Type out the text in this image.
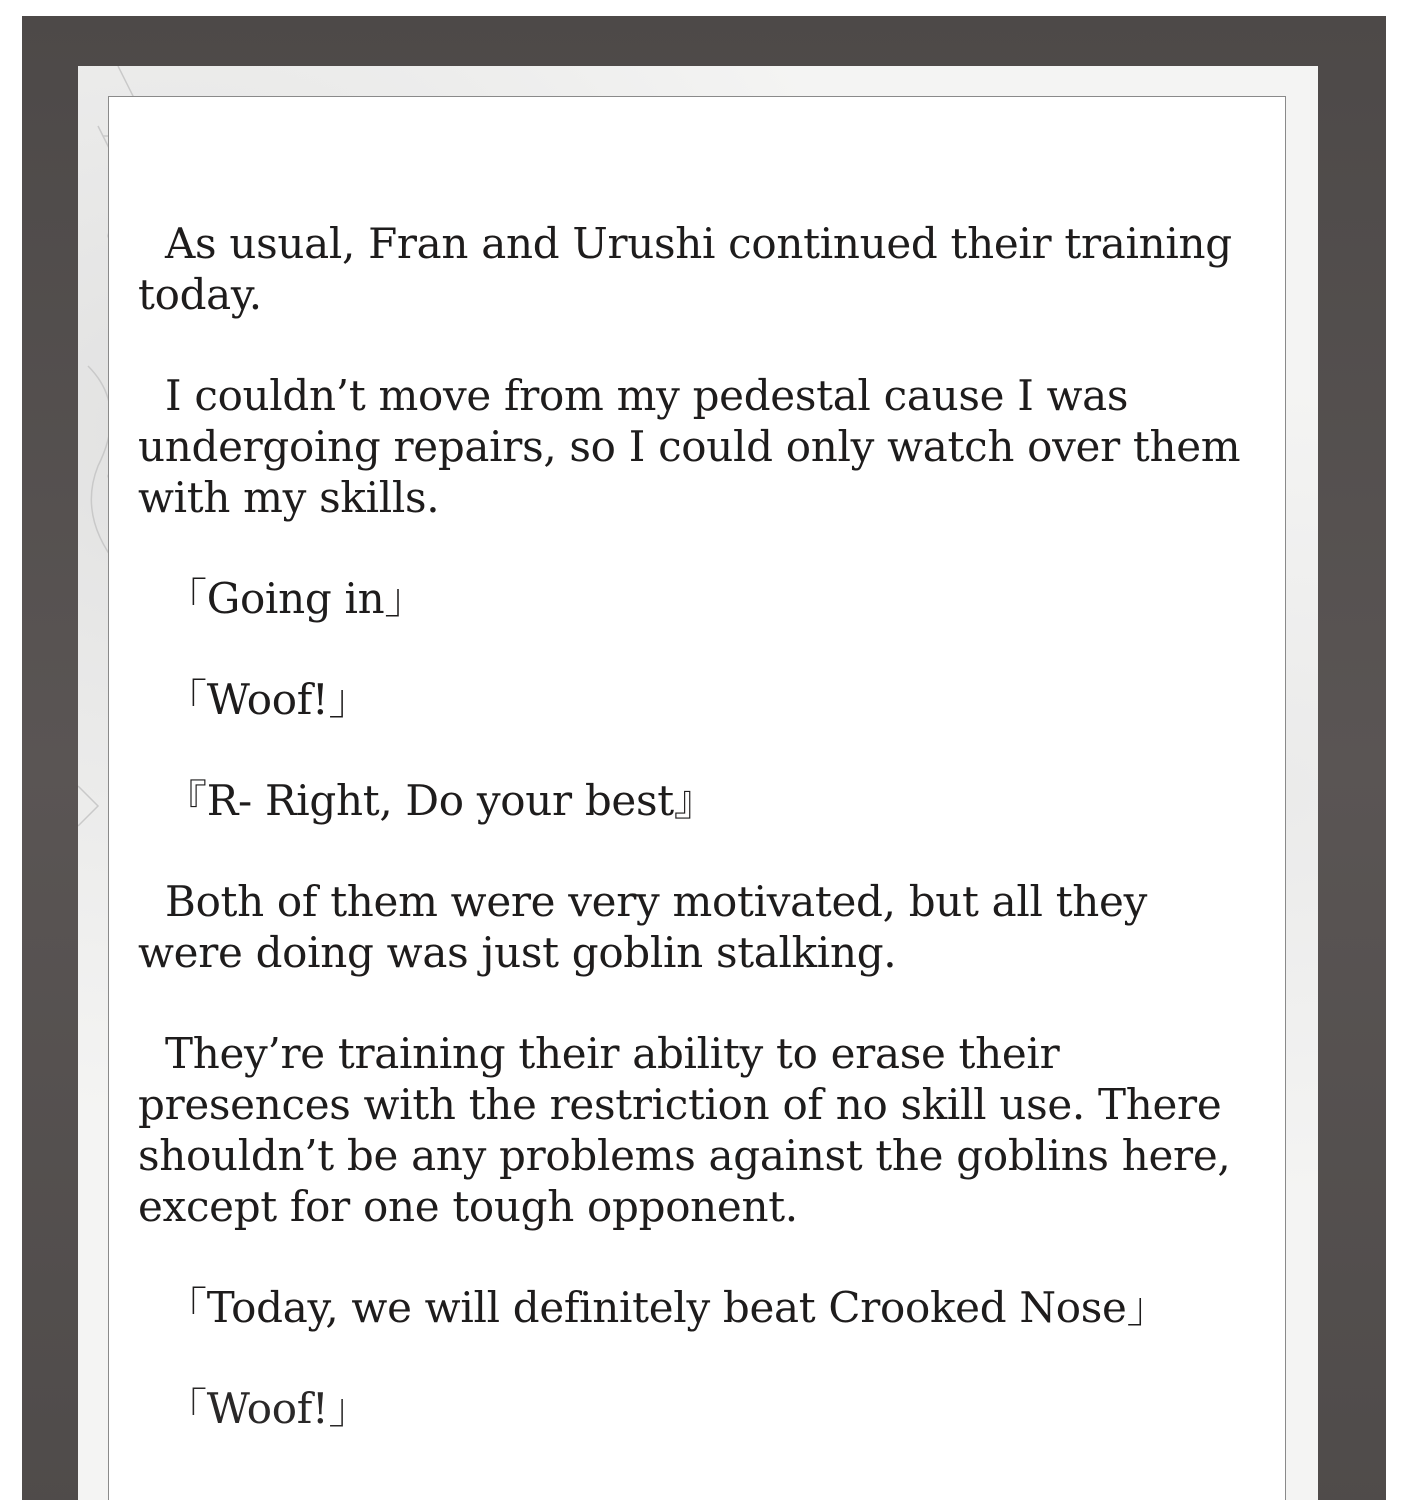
As usual, Fran and Urushi continued their training today.

I couldn’t move from my pedestal cause I was undergoing repairs, so I could only watch over them with my skills.

「Going in」

「Woof!」

『R- Right, Do your best』

Both of them were very motivated, but all they were doing was just goblin stalking.

They’re training their ability to erase their presences with the restriction of no skill use. There shouldn’t be any problems against the goblins here, except for one tough opponent.

「Today, we will definitely beat Crooked Nose」

「Woof!」
